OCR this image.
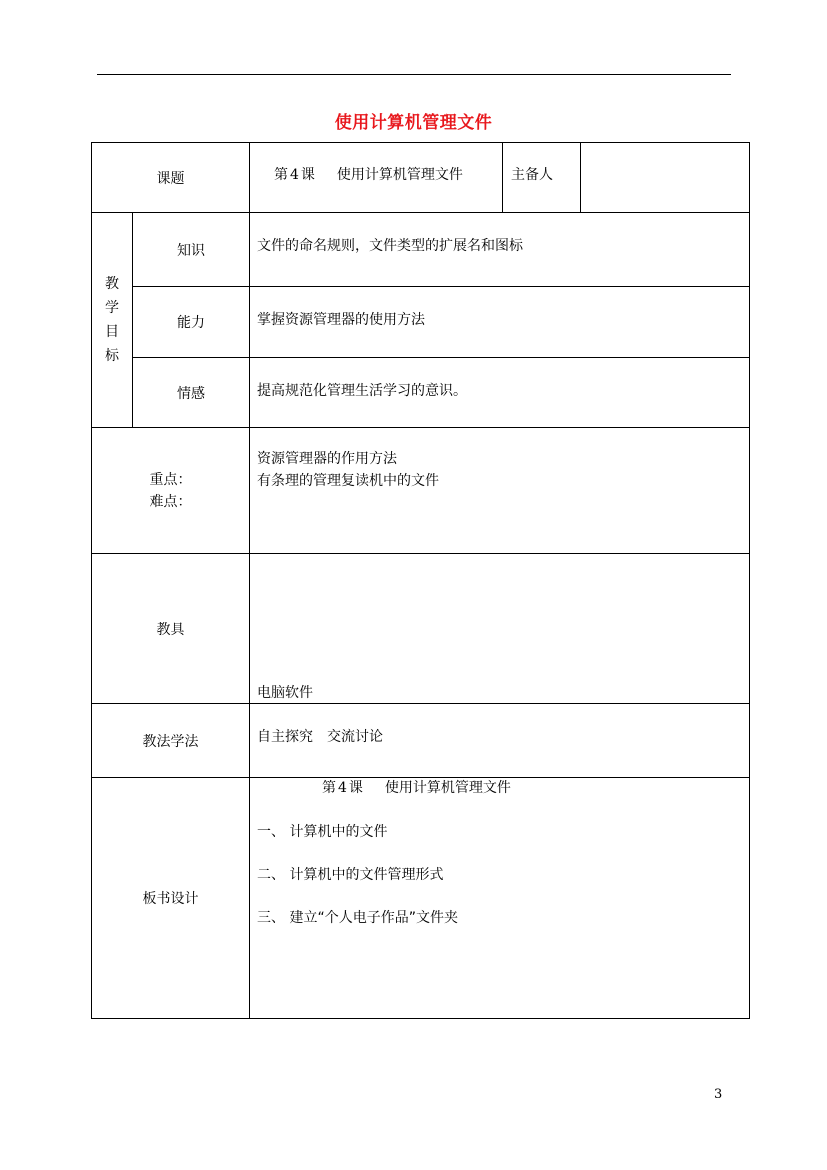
使用计算机管理文件
课题		第 4 课 使用计算机管理文件	主备人	

教
学
目
标	知识	文件的命名规则，文件类型的扩展名和图标		
	能力	掌握资源管理器的使用方法		
	情感	提高规范化管理生活学习的意识。		

重点：
难点：		资源管理器的作用方法
有条理的管理复读机中的文件		

教具		电脑软件		
教法学法		自主探究　交流讨论		
板书设计		第 4 课 使用计算机管理文件
一、 计算机中的文件
二、 计算机中的文件管理形式
三、 建立“个人电子作品”文件夹		
3
